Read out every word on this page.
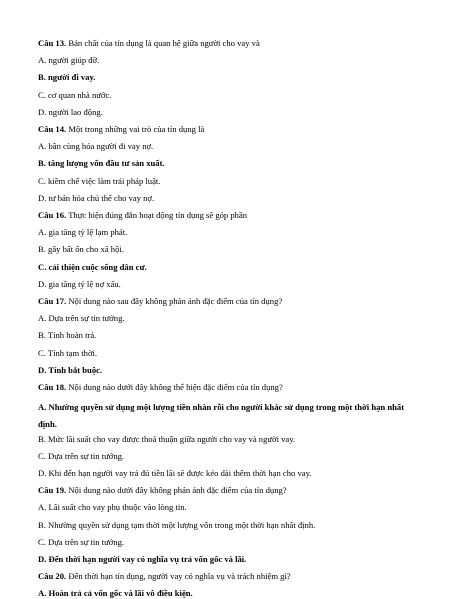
Câu 13. Bản chất của tín dụng là quan hệ giữa người cho vay và
A. người giúp đỡ.
B. người đi vay.
C. cơ quan nhà nước.
D. người lao động.
Câu 14. Một trong những vai trò của tín dụng là
A. bần cùng hóa người đi vay nợ.
B. tăng lượng vốn đầu tư sản xuất.
C. kiềm chế việc làm trái pháp luật.
D. tư bản hóa chủ thể cho vay nợ.
Câu 16. Thực hiện đúng đắn hoạt động tín dụng sẽ góp phần
A. gia tăng tỷ lệ lạm phát.
B. gây bất ổn cho xã hội.
C. cải thiện cuộc sống dân cư.
D. gia tăng tỷ lệ nợ xấu.
Câu 17. Nội dung nào sau đây không phản ánh đặc điểm của tín dụng?
A. Dựa trên sự tin tưởng.
B. Tính hoàn trả.
C. Tính tạm thời.
D. Tính bắt buộc.
Câu 18. Nội dung nào dưới đây không thể hiện đặc điểm của tín dụng?
A. Nhường quyền sử dụng một lượng tiền nhàn rỗi cho người khác sử dụng trong một thời hạn nhất định.
B. Mức lãi suất cho vay được thoả thuận giữa người cho vay và người vay.
C. Dựa trên sự tin tưởng.
D. Khi đến hạn người vay trả đủ tiền lãi sẽ được kéo dài thêm thời hạn cho vay.
Câu 19. Nội dung nào dưới đây không phản ánh đặc điểm của tín dụng?
A. Lãi suất cho vay phụ thuộc vào lòng tin.
B. Nhường quyền sử dụng tạm thời một lượng vốn trong một thời hạn nhất định.
C. Dựa trên sự tin tưởng.
D. Đến thời hạn người vay có nghĩa vụ trả vốn gốc và lãi.
Câu 20. Đến thời hạn tín dụng, người vay có nghĩa vụ và trách nhiệm gì?
A. Hoàn trả cả vốn gốc và lãi vô điều kiện.
